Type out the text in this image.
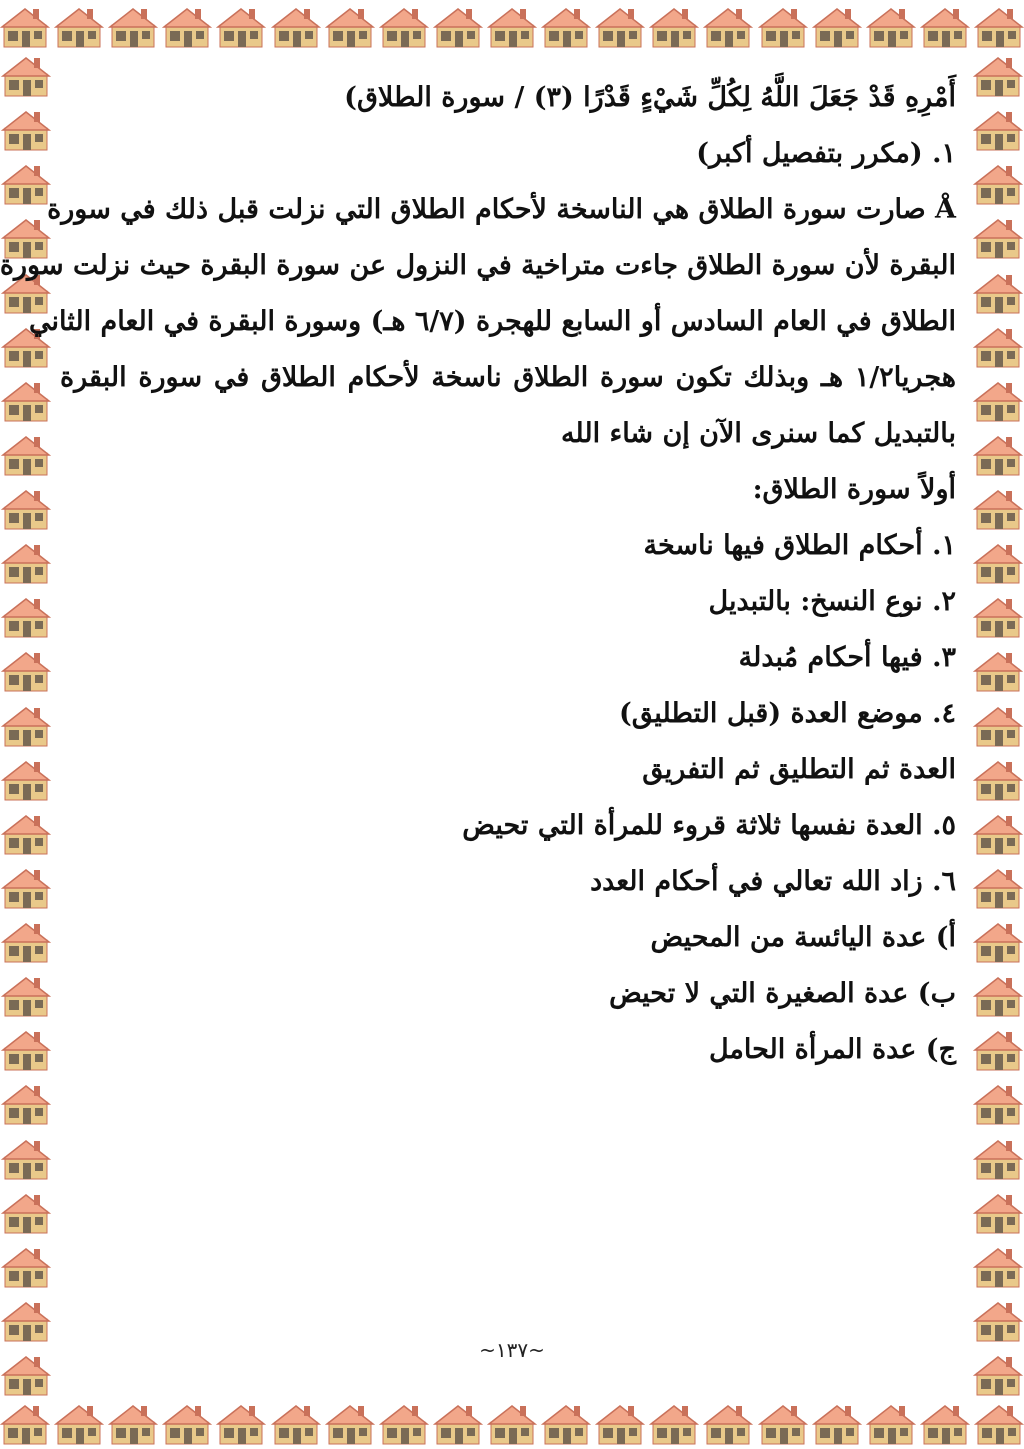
أَمْرِهِ قَدْ جَعَلَ اللَّهُ لِكُلِّ شَيْءٍ قَدْرًا (٣) / سورة الطلاق)
١. (مكرر بتفصيل أكبر)
Å صارت سورة الطلاق هي الناسخة لأحكام الطلاق التي نزلت قبل ذلك في سورة
البقرة لأن سورة الطلاق جاءت متراخية في النزول عن سورة البقرة حيث نزلت سورة
الطلاق في العام السادس أو السابع للهجرة (٦/٧ هـ) وسورة البقرة في العام الثاني
هجريا١/٢ هـ وبذلك تكون سورة الطلاق ناسخة لأحكام الطلاق في سورة البقرة
بالتبديل كما سنرى الآن إن شاء الله
أولاً سورة الطلاق:
١. أحكام الطلاق فيها ناسخة
٢. نوع النسخ: بالتبديل
٣. فيها أحكام مُبدلة
٤. موضع العدة (قبل التطليق)
العدة ثم التطليق ثم التفريق
٥. العدة نفسها ثلاثة قروء للمرأة التي تحيض
٦. زاد الله تعالي في أحكام العدد
أ) عدة اليائسة من المحيض
ب) عدة الصغيرة التي لا تحيض
ج) عدة المرأة الحامل
~١٣٧~
